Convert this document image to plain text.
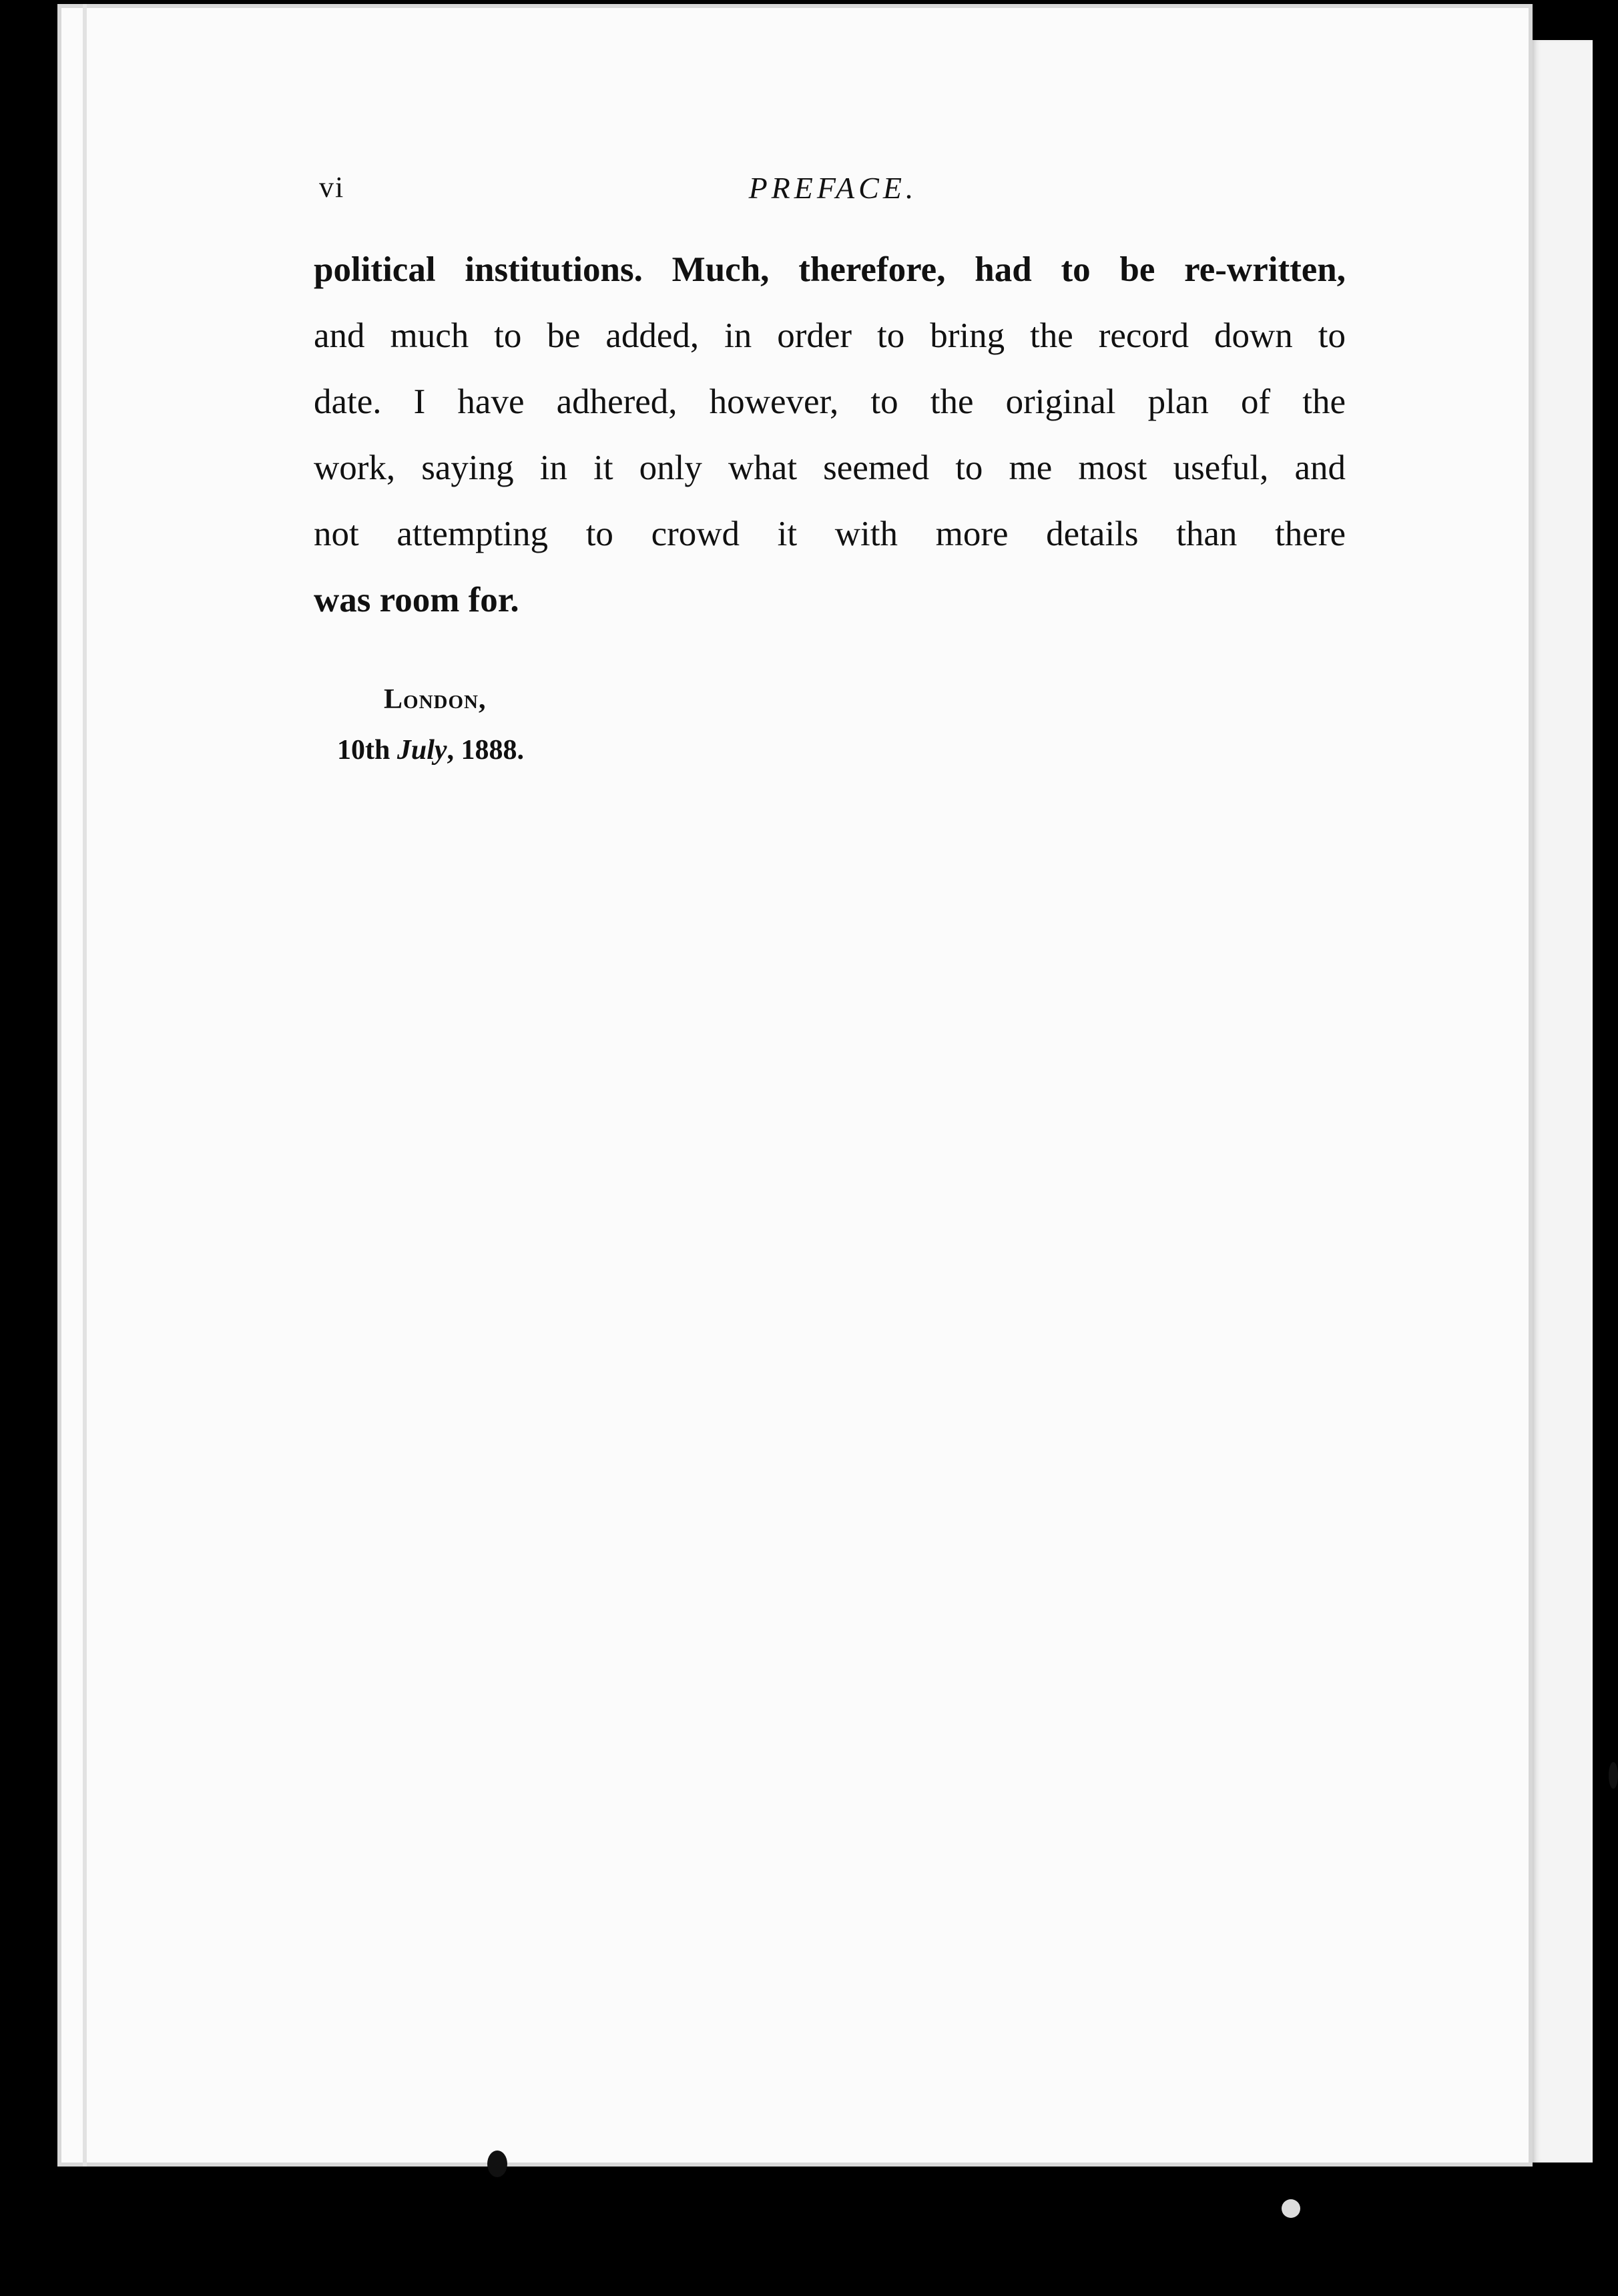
vi	PREFACE.
political institutions. Much, therefore, had to be re-written,
and much to be added, in order to bring the record down to
date. I have adhered, however, to the original plan of the
work, saying in it only what seemed to me most useful, and
not attempting to crowd it with more details than there
was room for.
London,
10th July, 1888.
